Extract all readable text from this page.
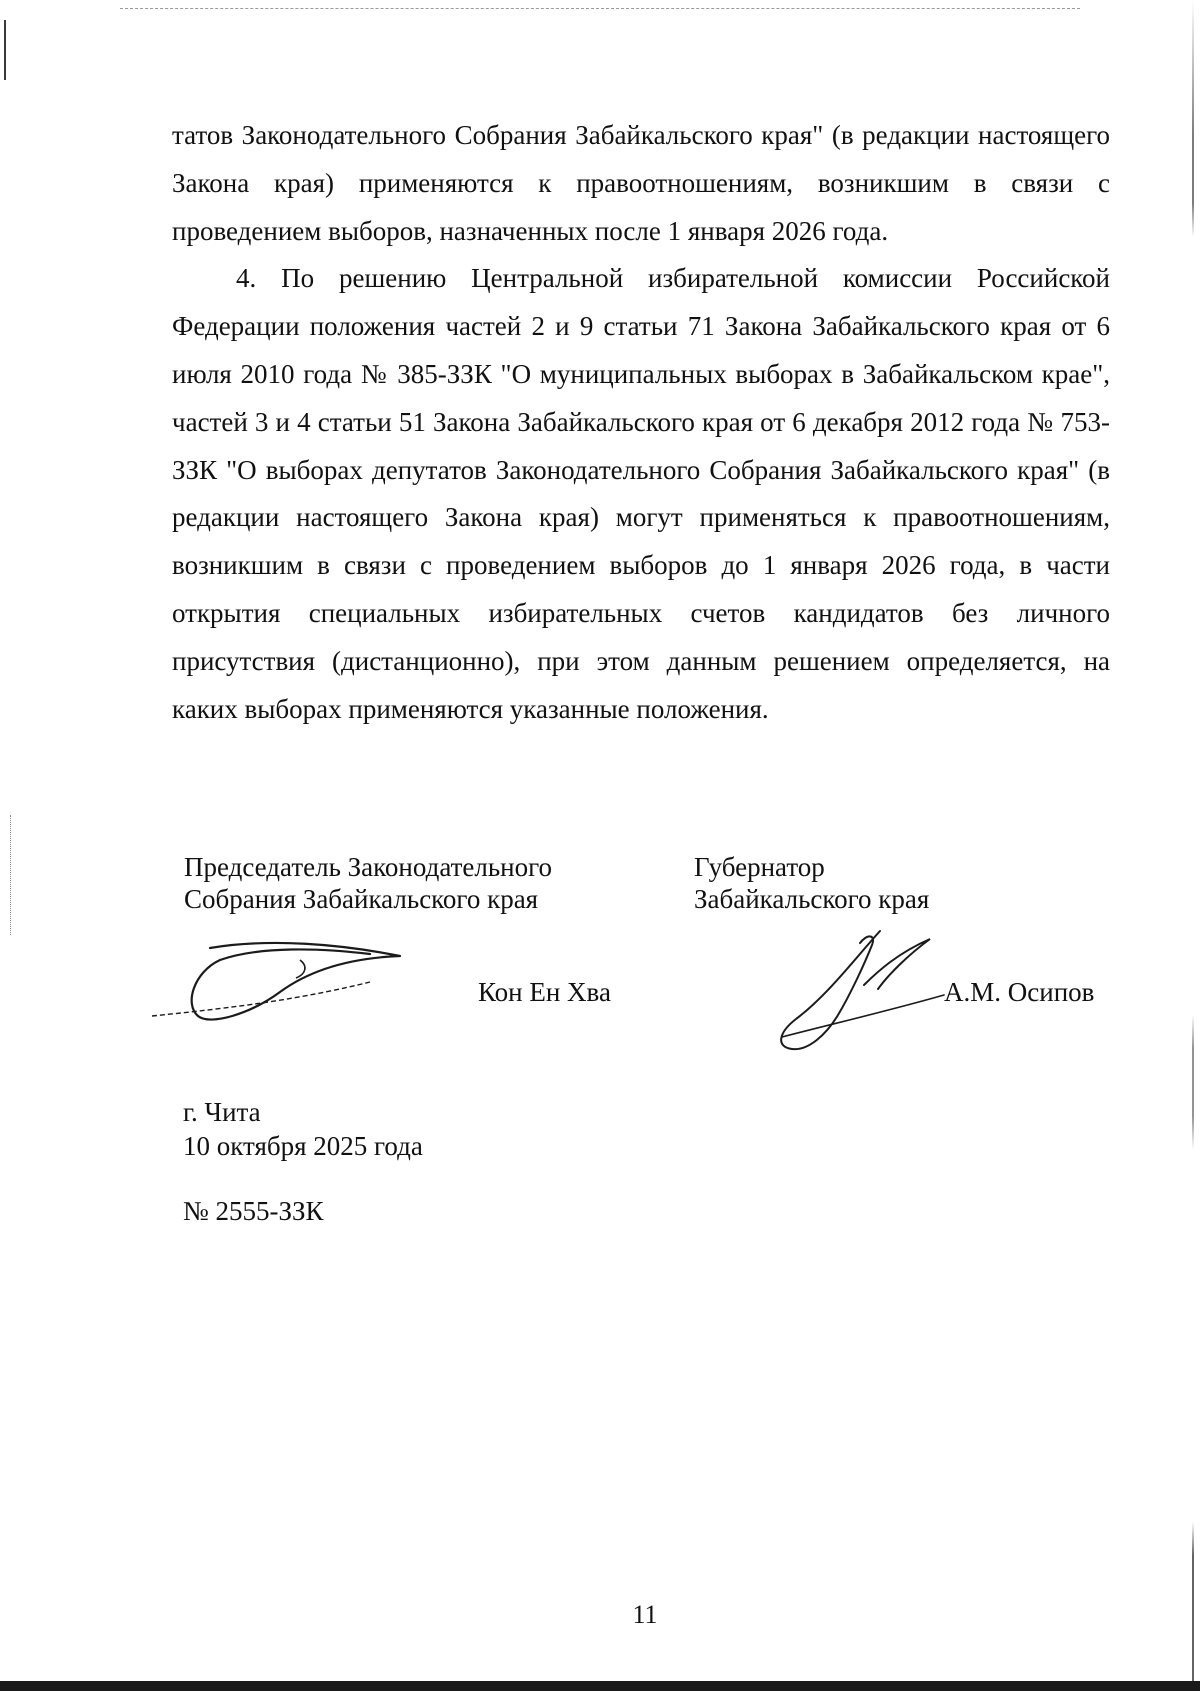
татов Законодательного Собрания Забайкальского края" (в редакции настоящего Закона края) применяются к правоотношениям, возникшим в связи с проведением выборов, назначенных после 1 января 2026 года.

4. По решению Центральной избирательной комиссии Российской Федерации положения частей 2 и 9 статьи 71 Закона Забайкальского края от 6 июля 2010 года № 385-ЗЗК "О муниципальных выборах в Забайкальском крае", частей 3 и 4 статьи 51 Закона Забайкальского края от 6 декабря 2012 года № 753-ЗЗК "О выборах депутатов Законодательного Собрания Забайкальского края" (в редакции настоящего Закона края) могут применяться к правоотношениям, возникшим в связи с проведением выборов до 1 января 2026 года, в части открытия специальных избирательных счетов кандидатов без личного присутствия (дистанционно), при этом данным решением определяется, на каких выборах применяются указанные положения.

Председатель Законодательного
Собрания Забайкальского края
Кон Ен Хва
Губернатор
Забайкальского края
А.М. Осипов
г. Чита
10 октября 2025 года
№ 2555-ЗЗК
11
